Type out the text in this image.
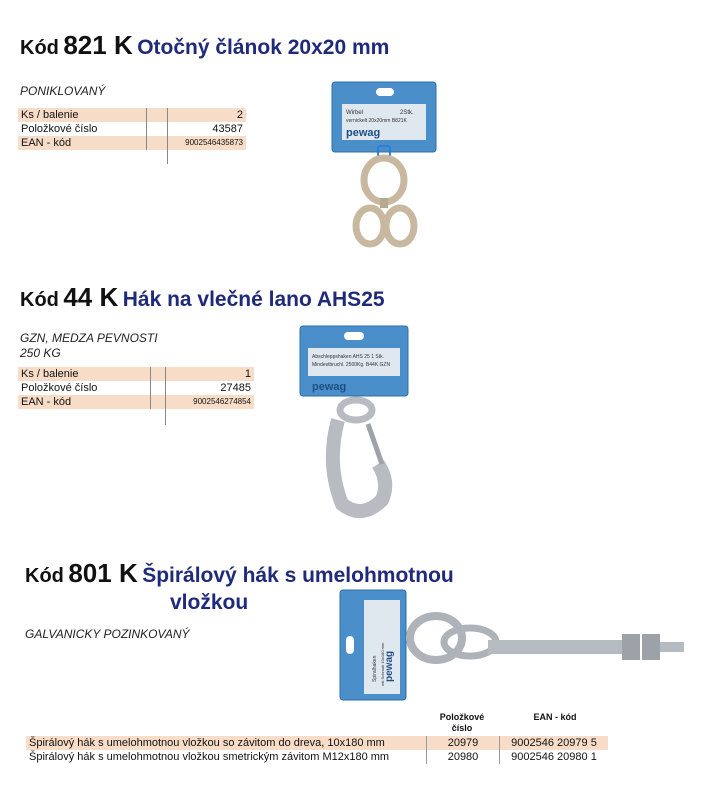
Kód 821 K Otočný článok 20x20 mm
PONIKLOVANÝ
Ks / balenie	2
Položkové číslo	43587
EAN - kód	9002546435873
Wirbel	2Stk.
vernickelt 20x20mm B821K
pewag
Kód 44 K Hák na vlečné lano AHS25
GZN, MEDZA PEVNOSTI
250 KG
Ks / balenie	1
Položkové číslo	27485
EAN - kód	9002546274854
Abschleppshaken AHS 25 1 Stk.
Mindestbruchl. 2500Kg. B44K GZN
pewag
Kód 801 K Špirálový hák s umelohmotnou
vložkou
GALVANICKY POZINKOVANÝ
pewag
Spiralhaken mit Schraub 10x180 mm
Položkové číslo
EAN - kód
Špirálový hák s umelohmotnou vložkou so závitom do dreva, 10x180 mm	20979	9002546 20979 5
Špirálový hák s umelohmotnou vložkou smetrickým závitom M12x180 mm	20980	9002546 20980 1
